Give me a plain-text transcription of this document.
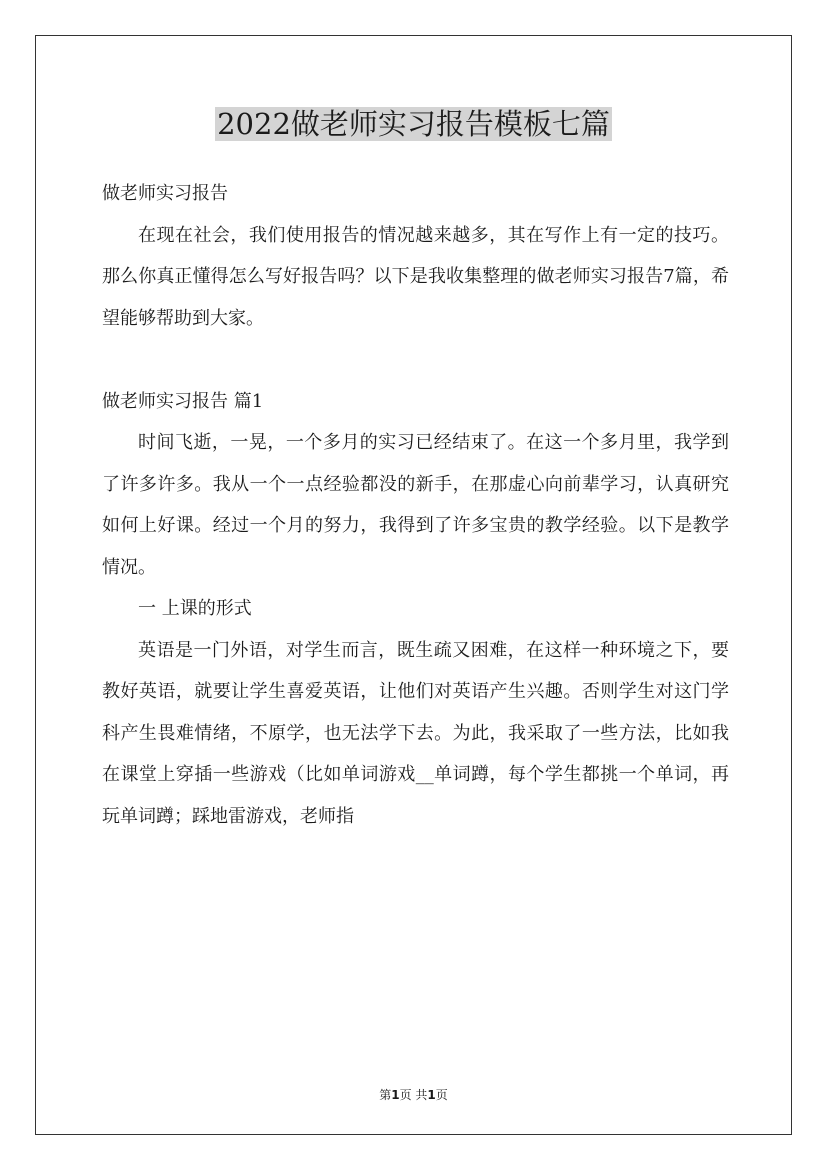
2022做老师实习报告模板七篇

做老师实习报告

在现在社会，我们使用报告的情况越来越多，其在写作上有一定的技巧。那么你真正懂得怎么写好报告吗？以下是我收集整理的做老师实习报告7篇，希望能够帮助到大家。

做老师实习报告 篇1

时间飞逝，一晃，一个多月的实习已经结束了。在这一个多月里，我学到了许多许多。我从一个一点经验都没的新手，在那虚心向前辈学习，认真研究如何上好课。经过一个月的努力，我得到了许多宝贵的教学经验。以下是教学情况。

一 上课的形式

英语是一门外语，对学生而言，既生疏又困难，在这样一种环境之下，要教好英语，就要让学生喜爱英语，让他们对英语产生兴趣。否则学生对这门学科产生畏难情绪，不原学，也无法学下去。为此，我采取了一些方法，比如我在课堂上穿插一些游戏（比如单词游戏__单词蹲，每个学生都挑一个单词，再玩单词蹲；踩地雷游戏，老师指

第1页 共1页
